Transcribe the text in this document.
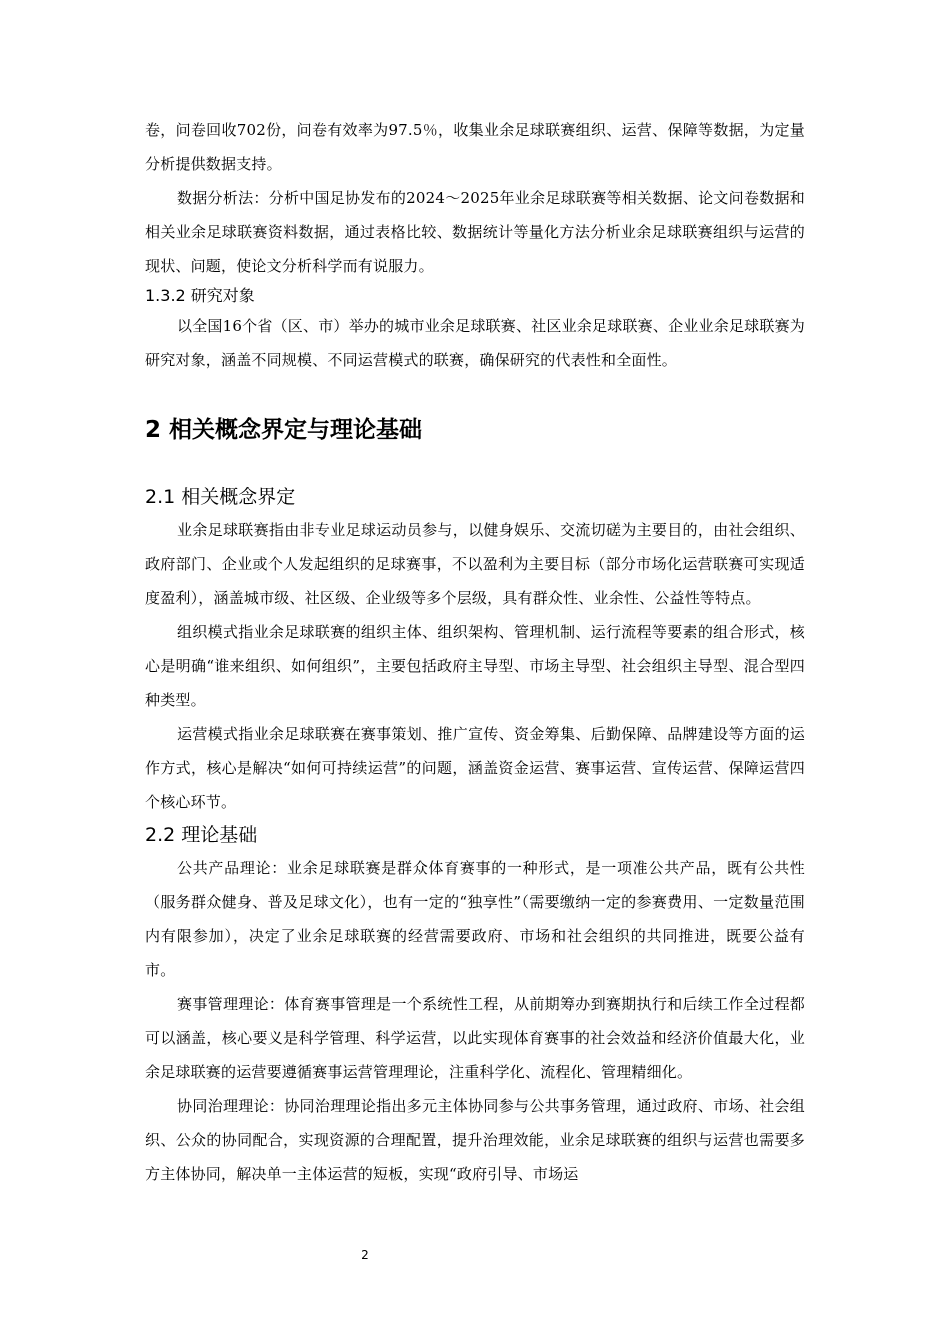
卷，问卷回收702份，问卷有效率为97.5％，收集业余足球联赛组织、运营、保障等数据，为定量分析提供数据支持。

数据分析法：分析中国足协发布的2024～2025年业余足球联赛等相关数据、论文问卷数据和相关业余足球联赛资料数据，通过表格比较、数据统计等量化方法分析业余足球联赛组织与运营的现状、问题，使论文分析科学而有说服力。

1.3.2 研究对象

以全国16个省（区、市）举办的城市业余足球联赛、社区业余足球联赛、企业业余足球联赛为研究对象，涵盖不同规模、不同运营模式的联赛，确保研究的代表性和全面性。

2 相关概念界定与理论基础
2.1 相关概念界定

业余足球联赛指由非专业足球运动员参与，以健身娱乐、交流切磋为主要目的，由社会组织、政府部门、企业或个人发起组织的足球赛事，不以盈利为主要目标（部分市场化运营联赛可实现适度盈利），涵盖城市级、社区级、企业级等多个层级，具有群众性、业余性、公益性等特点。

组织模式指业余足球联赛的组织主体、组织架构、管理机制、运行流程等要素的组合形式，核心是明确“谁来组织、如何组织”，主要包括政府主导型、市场主导型、社会组织主导型、混合型四种类型。

运营模式指业余足球联赛在赛事策划、推广宣传、资金筹集、后勤保障、品牌建设等方面的运作方式，核心是解决“如何可持续运营”的问题，涵盖资金运营、赛事运营、宣传运营、保障运营四个核心环节。

2.2 理论基础

公共产品理论：业余足球联赛是群众体育赛事的一种形式，是一项准公共产品，既有公共性（服务群众健身、普及足球文化），也有一定的“独享性”（需要缴纳一定的参赛费用、一定数量范围内有限参加），决定了业余足球联赛的经营需要政府、市场和社会组织的共同推进，既要公益有市。

赛事管理理论：体育赛事管理是一个系统性工程，从前期筹办到赛期执行和后续工作全过程都可以涵盖，核心要义是科学管理、科学运营，以此实现体育赛事的社会效益和经济价值最大化，业余足球联赛的运营要遵循赛事运营管理理论，注重科学化、流程化、管理精细化。

协同治理理论：协同治理理论指出多元主体协同参与公共事务管理，通过政府、市场、社会组织、公众的协同配合，实现资源的合理配置，提升治理效能，业余足球联赛的组织与运营也需要多方主体协同，解决单一主体运营的短板，实现“政府引导、市场运

2
